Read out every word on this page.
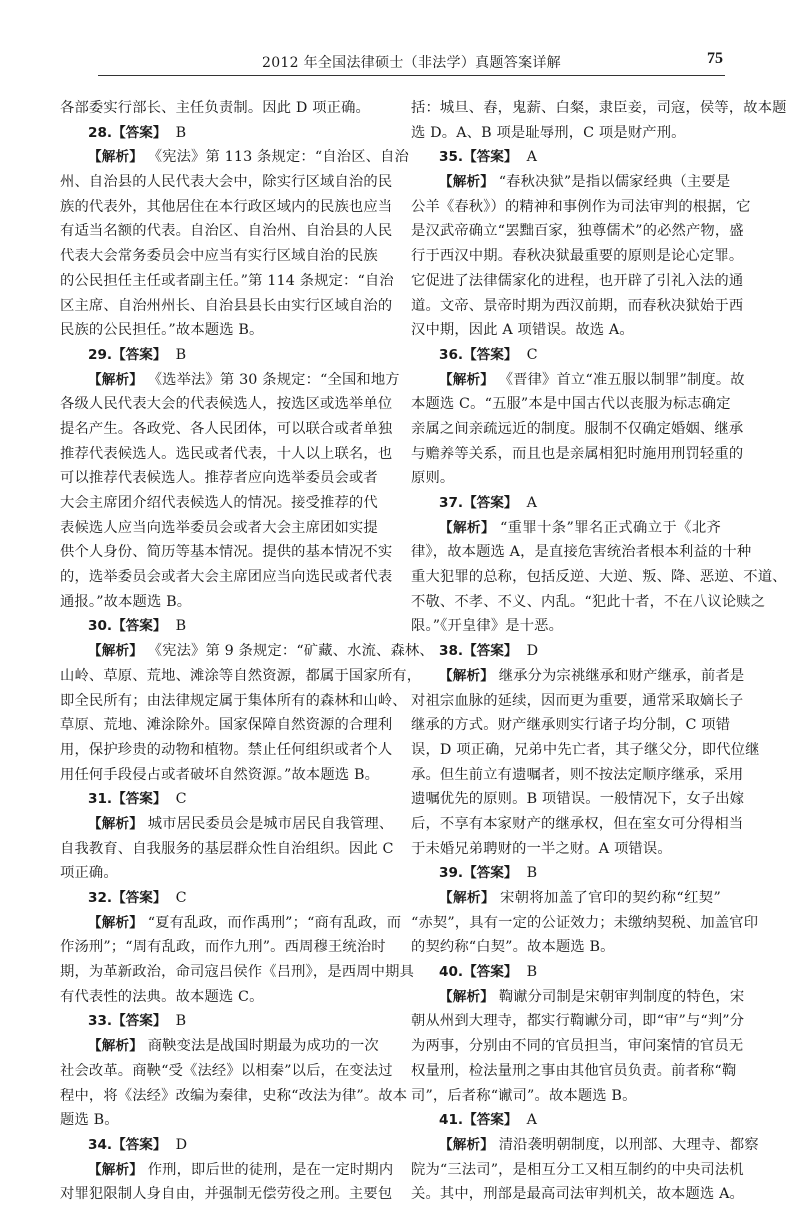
2012 年全国法律硕士（非法学）真题答案详解	75
各部委实行部长、主任负责制。因此 D 项正确。
28.【答案】 B
【解析】 《宪法》第 113 条规定：“自治区、自治
州、自治县的人民代表大会中，除实行区域自治的民
族的代表外，其他居住在本行政区域内的民族也应当
有适当名额的代表。自治区、自治州、自治县的人民
代表大会常务委员会中应当有实行区域自治的民族
的公民担任主任或者副主任。”第 114 条规定：“自治
区主席、自治州州长、自治县县长由实行区域自治的
民族的公民担任。”故本题选 B。
29.【答案】 B
【解析】 《选举法》第 30 条规定：“全国和地方
各级人民代表大会的代表候选人，按选区或选举单位
提名产生。各政党、各人民团体，可以联合或者单独
推荐代表候选人。选民或者代表，十人以上联名，也
可以推荐代表候选人。推荐者应向选举委员会或者
大会主席团介绍代表候选人的情况。接受推荐的代
表候选人应当向选举委员会或者大会主席团如实提
供个人身份、简历等基本情况。提供的基本情况不实
的，选举委员会或者大会主席团应当向选民或者代表
通报。”故本题选 B。
30.【答案】 B
【解析】 《宪法》第 9 条规定：“矿藏、水流、森林、
山岭、草原、荒地、滩涂等自然资源，都属于国家所有，
即全民所有；由法律规定属于集体所有的森林和山岭、
草原、荒地、滩涂除外。国家保障自然资源的合理利
用，保护珍贵的动物和植物。禁止任何组织或者个人
用任何手段侵占或者破坏自然资源。”故本题选 B。
31.【答案】 C
【解析】 城市居民委员会是城市居民自我管理、
自我教育、自我服务的基层群众性自治组织。因此 C
项正确。
32.【答案】 C
【解析】 “夏有乱政，而作禹刑”；“商有乱政，而
作汤刑”；“周有乱政，而作九刑”。西周穆王统治时
期，为革新政治，命司寇吕侯作《吕刑》，是西周中期具
有代表性的法典。故本题选 C。
33.【答案】 B
【解析】 商鞅变法是战国时期最为成功的一次
社会改革。商鞅“受《法经》以相秦”以后，在变法过
程中，将《法经》改编为秦律，史称“改法为律”。故本
题选 B。
34.【答案】 D
【解析】 作刑，即后世的徒刑，是在一定时期内
对罪犯限制人身自由，并强制无偿劳役之刑。主要包
括：城旦、舂，鬼薪、白粲，隶臣妾，司寇，侯等，故本题
选 D。A、B 项是耻辱刑，C 项是财产刑。
35.【答案】 A
【解析】 “春秋决狱”是指以儒家经典（主要是
公羊《春秋》）的精神和事例作为司法审判的根据，它
是汉武帝确立“罢黜百家，独尊儒术”的必然产物，盛
行于西汉中期。春秋决狱最重要的原则是论心定罪。
它促进了法律儒家化的进程，也开辟了引礼入法的通
道。文帝、景帝时期为西汉前期，而春秋决狱始于西
汉中期，因此 A 项错误。故选 A。
36.【答案】 C
【解析】 《晋律》首立“准五服以制罪”制度。故
本题选 C。“五服”本是中国古代以丧服为标志确定
亲属之间亲疏远近的制度。服制不仅确定婚姻、继承
与赡养等关系，而且也是亲属相犯时施用刑罚轻重的
原则。
37.【答案】 A
【解析】 “重罪十条”罪名正式确立于《北齐
律》，故本题选 A，是直接危害统治者根本利益的十种
重大犯罪的总称，包括反逆、大逆、叛、降、恶逆、不道、
不敬、不孝、不义、内乱。“犯此十者，不在八议论赎之
限。”《开皇律》是十恶。
38.【答案】 D
【解析】 继承分为宗祧继承和财产继承，前者是
对祖宗血脉的延续，因而更为重要，通常采取嫡长子
继承的方式。财产继承则实行诸子均分制，C 项错
误，D 项正确，兄弟中先亡者，其子继父分，即代位继
承。但生前立有遗嘱者，则不按法定顺序继承，采用
遗嘱优先的原则。B 项错误。一般情况下，女子出嫁
后，不享有本家财产的继承权，但在室女可分得相当
于未婚兄弟聘财的一半之财。A 项错误。
39.【答案】 B
【解析】 宋朝将加盖了官印的契约称“红契”
“赤契”，具有一定的公证效力；未缴纳契税、加盖官印
的契约称“白契”。故本题选 B。
40.【答案】 B
【解析】 鞫谳分司制是宋朝审判制度的特色，宋
朝从州到大理寺，都实行鞫谳分司，即“审”与“判”分
为两事，分别由不同的官员担当，审问案情的官员无
权量刑，检法量刑之事由其他官员负责。前者称“鞫
司”，后者称“谳司”。故本题选 B。
41.【答案】 A
【解析】 清沿袭明朝制度，以刑部、大理寺、都察
院为“三法司”，是相互分工又相互制约的中央司法机
关。其中，刑部是最高司法审判机关，故本题选 A。
